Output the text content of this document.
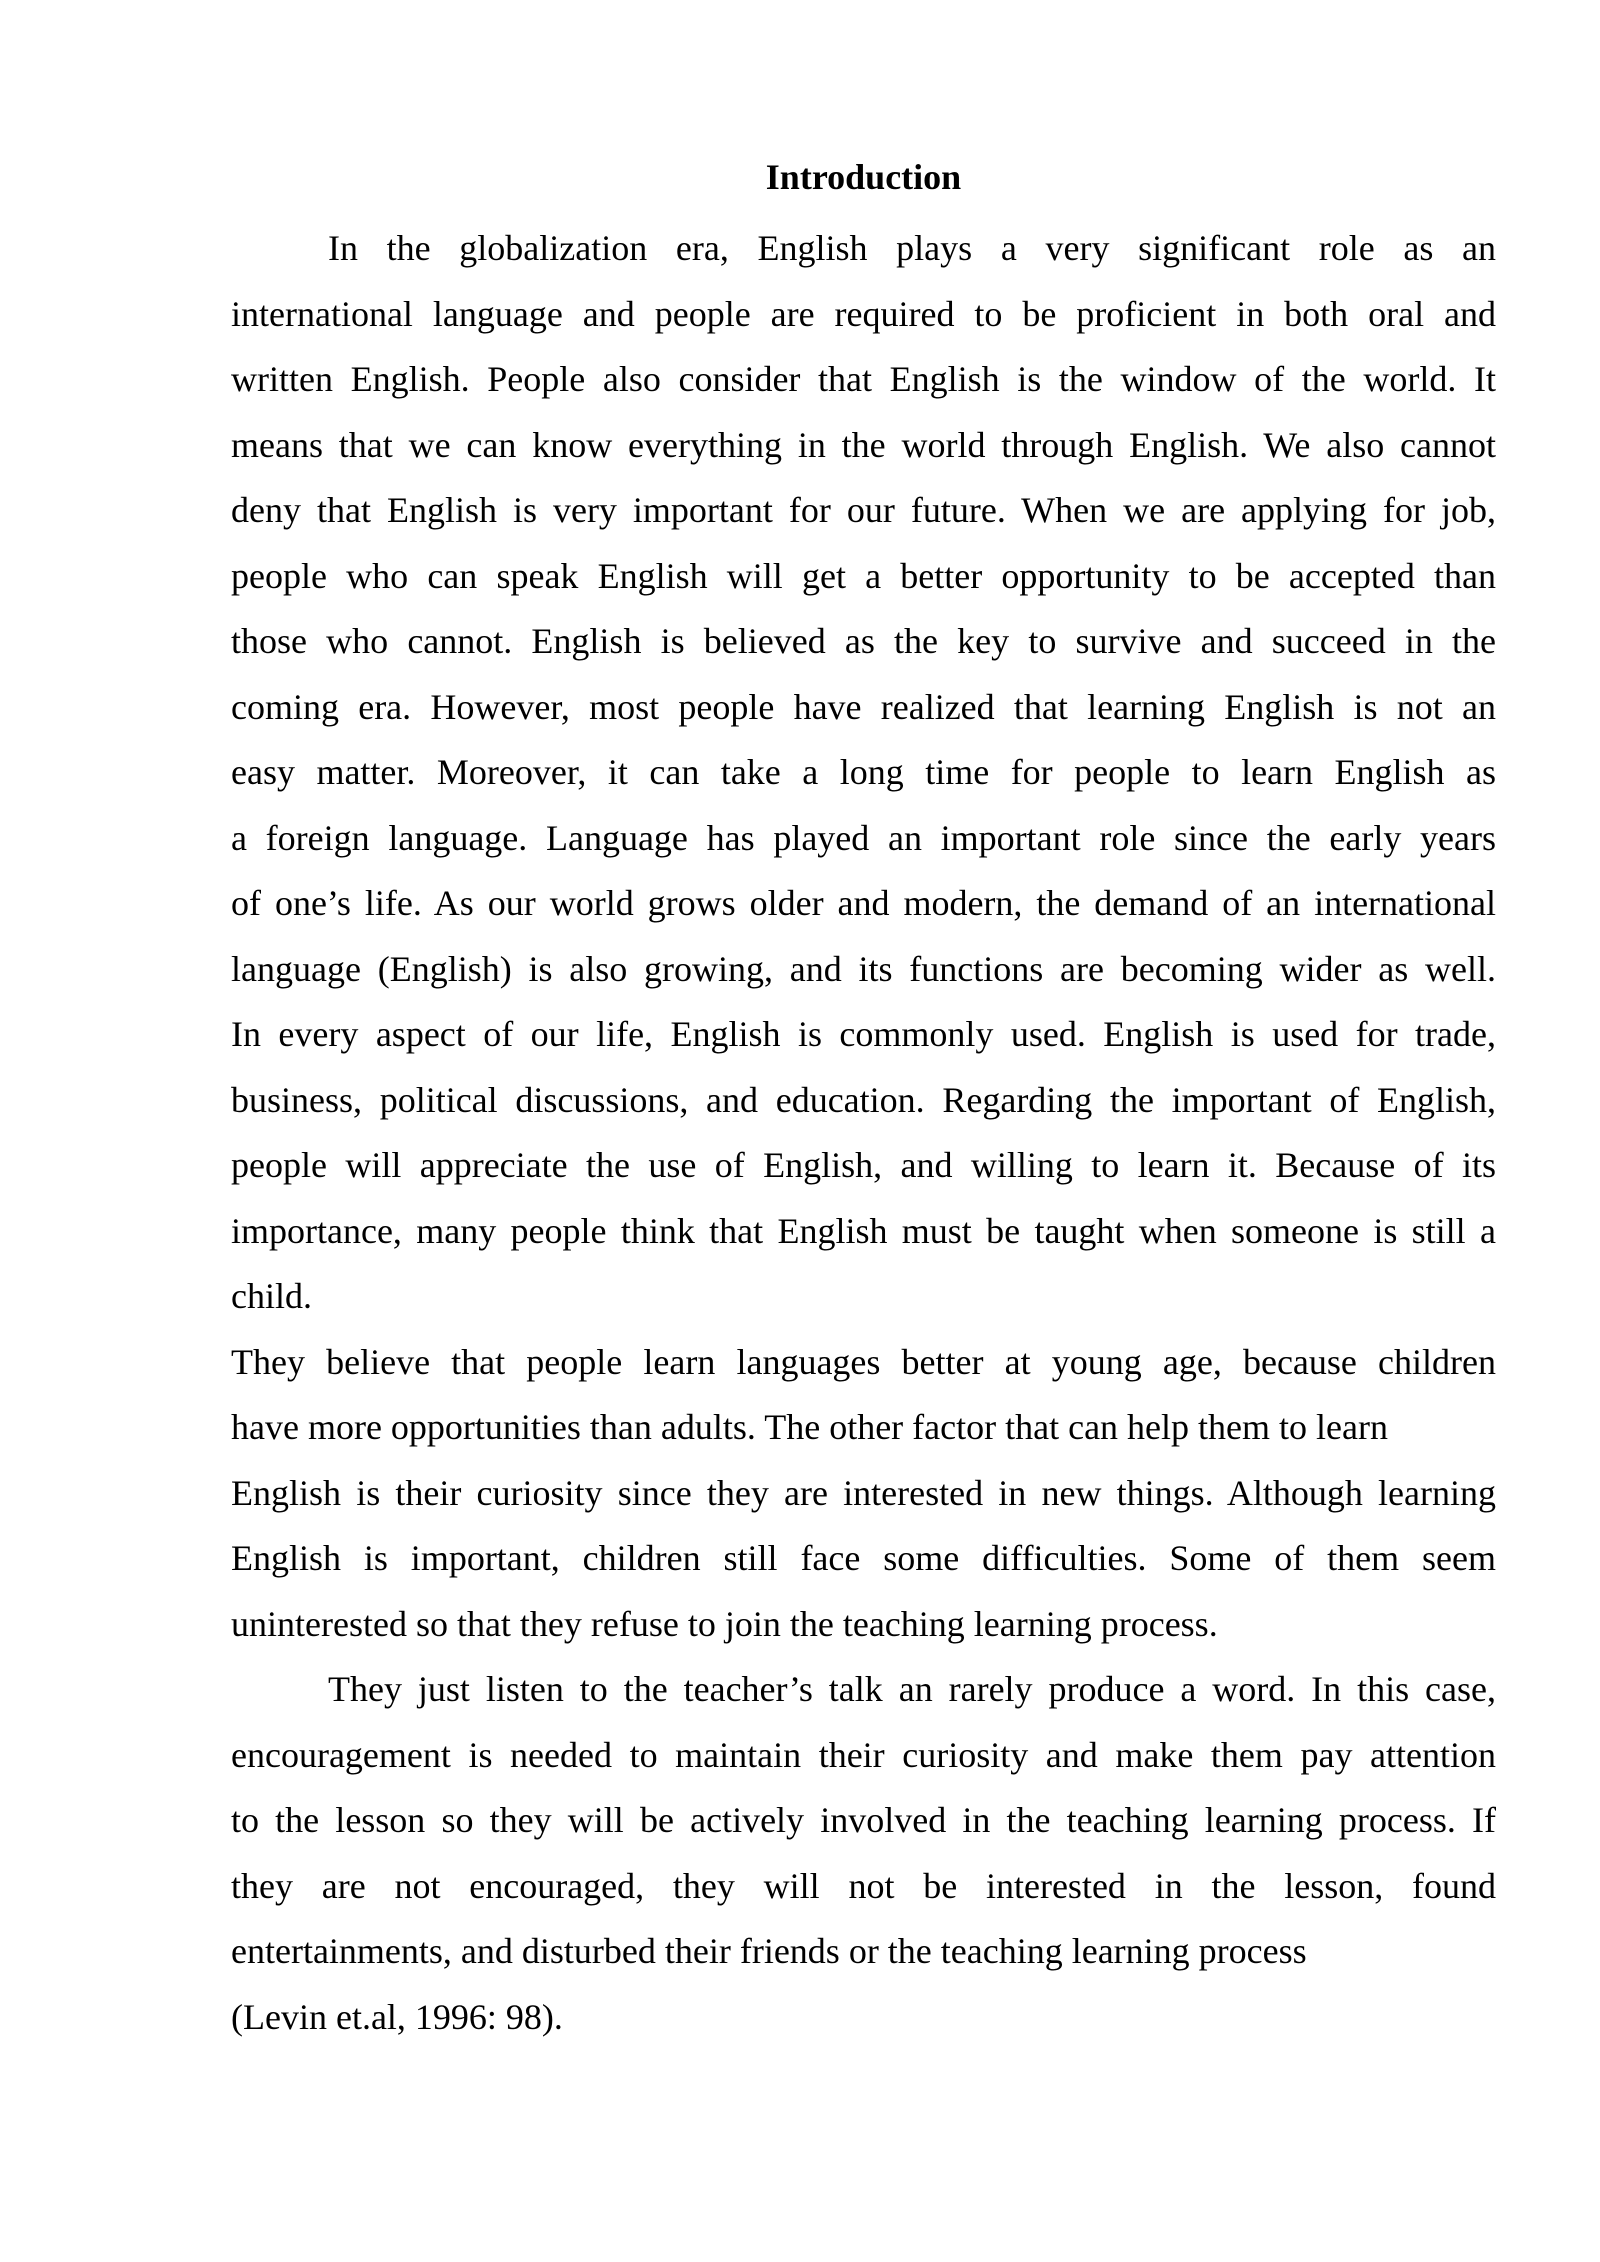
Introduction
In the globalization era, English plays a very significant role as an
international language and people are required to be proficient in both oral and
written English. People also consider that English is the window of the world. It
means that we can know everything in the world through English. We also cannot
deny that English is very important for our future. When we are applying for job,
people who can speak English will get a better opportunity to be accepted than
those who cannot. English is believed as the key to survive and succeed in the
coming era. However, most people have realized that learning English is not an
easy matter. Moreover, it can take a long time for people to learn English as
a foreign language. Language has played an important role since the early years
of one’s life. As our world grows older and modern, the demand of an international
language (English) is also growing, and its functions are becoming wider as well.
In every aspect of our life, English is commonly used. English is used for trade,
business, political discussions, and education. Regarding the important of English,
people will appreciate the use of English, and willing to learn it. Because of its
importance, many people think that English must be taught when someone is still a
child.
They believe that people learn languages better at young age, because children
have more opportunities than adults. The other factor that can help them to learn
English is their curiosity since they are interested in new things. Although learning
English is important, children still face some difficulties. Some of them seem
uninterested so that they refuse to join the teaching learning process.
They just listen to the teacher’s talk an rarely produce a word. In this case,
encouragement is needed to maintain their curiosity and make them pay attention
to the lesson so they will be actively involved in the teaching learning process. If
they are not encouraged, they will not be interested in the lesson, found
entertainments, and disturbed their friends or the teaching learning process
(Levin et.al, 1996: 98).
